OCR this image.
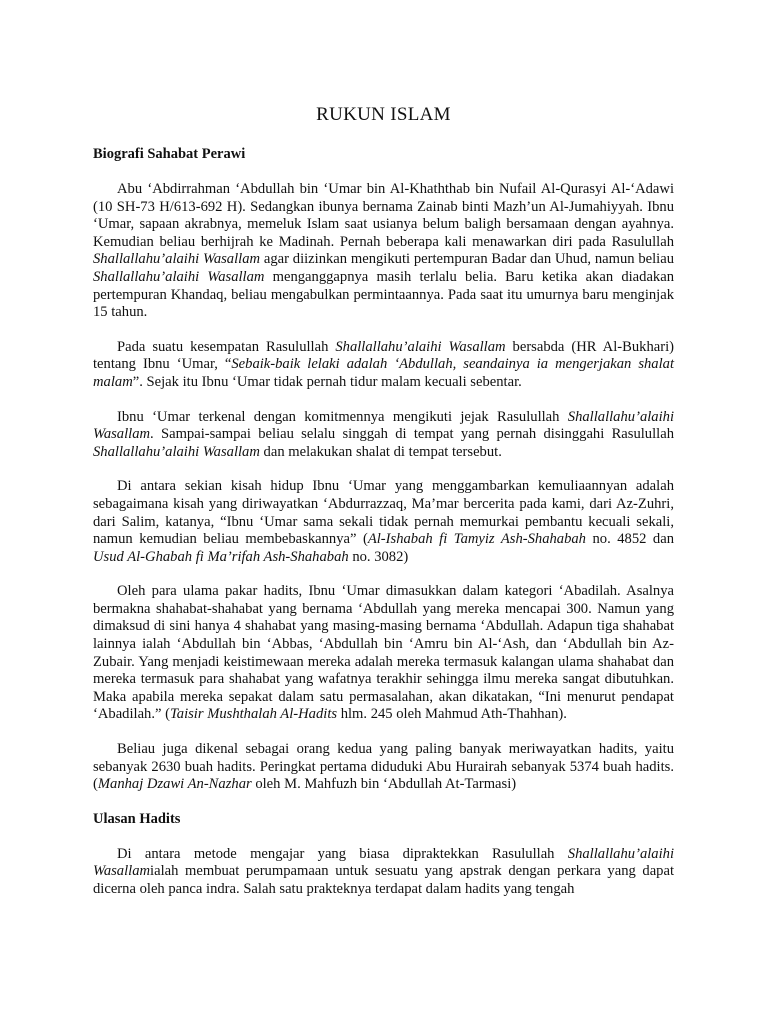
RUKUN ISLAM
Biografi Sahabat Perawi

Abu ‘Abdirrahman ‘Abdullah bin ‘Umar bin Al-Khaththab bin Nufail Al-Qurasyi Al-‘Adawi (10 SH-73 H/613-692 H). Sedangkan ibunya bernama Zainab binti Mazh’un Al-Jumahiyyah. Ibnu ‘Umar, sapaan akrabnya, memeluk Islam saat usianya belum baligh bersamaan dengan ayahnya. Kemudian beliau berhijrah ke Madinah. Pernah beberapa kali menawarkan diri pada Rasulullah Shallallahu’alaihi Wasallam agar diizinkan mengikuti pertempuran Badar dan Uhud, namun beliau Shallallahu’alaihi Wasallam menganggapnya masih terlalu belia. Baru ketika akan diadakan pertempuran Khandaq, beliau mengabulkan permintaannya. Pada saat itu umurnya baru menginjak 15 tahun.

Pada suatu kesempatan Rasulullah Shallallahu’alaihi Wasallam bersabda (HR Al-Bukhari) tentang Ibnu ‘Umar, “Sebaik-baik lelaki adalah ‘Abdullah, seandainya ia mengerjakan shalat malam”. Sejak itu Ibnu ‘Umar tidak pernah tidur malam kecuali sebentar.

Ibnu ‘Umar terkenal dengan komitmennya mengikuti jejak Rasulullah Shallallahu’alaihi Wasallam. Sampai-sampai beliau selalu singgah di tempat yang pernah disinggahi Rasulullah Shallallahu’alaihi Wasallam dan melakukan shalat di tempat tersebut.

Di antara sekian kisah hidup Ibnu ‘Umar yang menggambarkan kemuliaannyan adalah sebagaimana kisah yang diriwayatkan ‘Abdurrazzaq, Ma’mar bercerita pada kami, dari Az-Zuhri, dari Salim, katanya, “Ibnu ‘Umar sama sekali tidak pernah memurkai pembantu kecuali sekali, namun kemudian beliau membebaskannya” (Al-Ishabah fi Tamyiz Ash-Shahabah no. 4852 dan Usud Al-Ghabah fi Ma’rifah Ash-Shahabah no. 3082)

Oleh para ulama pakar hadits, Ibnu ‘Umar dimasukkan dalam kategori ‘Abadilah. Asalnya bermakna shahabat-shahabat yang bernama ‘Abdullah yang mereka mencapai 300. Namun yang dimaksud di sini hanya 4 shahabat yang masing-masing bernama ‘Abdullah. Adapun tiga shahabat lainnya ialah ‘Abdullah bin ‘Abbas, ‘Abdullah bin ‘Amru bin Al-‘Ash, dan ‘Abdullah bin Az-Zubair. Yang menjadi keistimewaan mereka adalah mereka termasuk kalangan ulama shahabat dan mereka termasuk para shahabat yang wafatnya terakhir sehingga ilmu mereka sangat dibutuhkan. Maka apabila mereka sepakat dalam satu permasalahan, akan dikatakan, “Ini menurut pendapat ‘Abadilah.” (Taisir Mushthalah Al-Hadits hlm. 245 oleh Mahmud Ath-Thahhan).

Beliau juga dikenal sebagai orang kedua yang paling banyak meriwayatkan hadits, yaitu sebanyak 2630 buah hadits. Peringkat pertama diduduki Abu Hurairah sebanyak 5374 buah hadits. (Manhaj Dzawi An-Nazhar oleh M. Mahfuzh bin ‘Abdullah At-Tarmasi)

Ulasan Hadits

Di antara metode mengajar yang biasa dipraktekkan Rasulullah Shallallahu’alaihi Wasallamialah membuat perumpamaan untuk sesuatu yang apstrak dengan perkara yang dapat dicerna oleh panca indra. Salah satu prakteknya terdapat dalam hadits yang tengah
